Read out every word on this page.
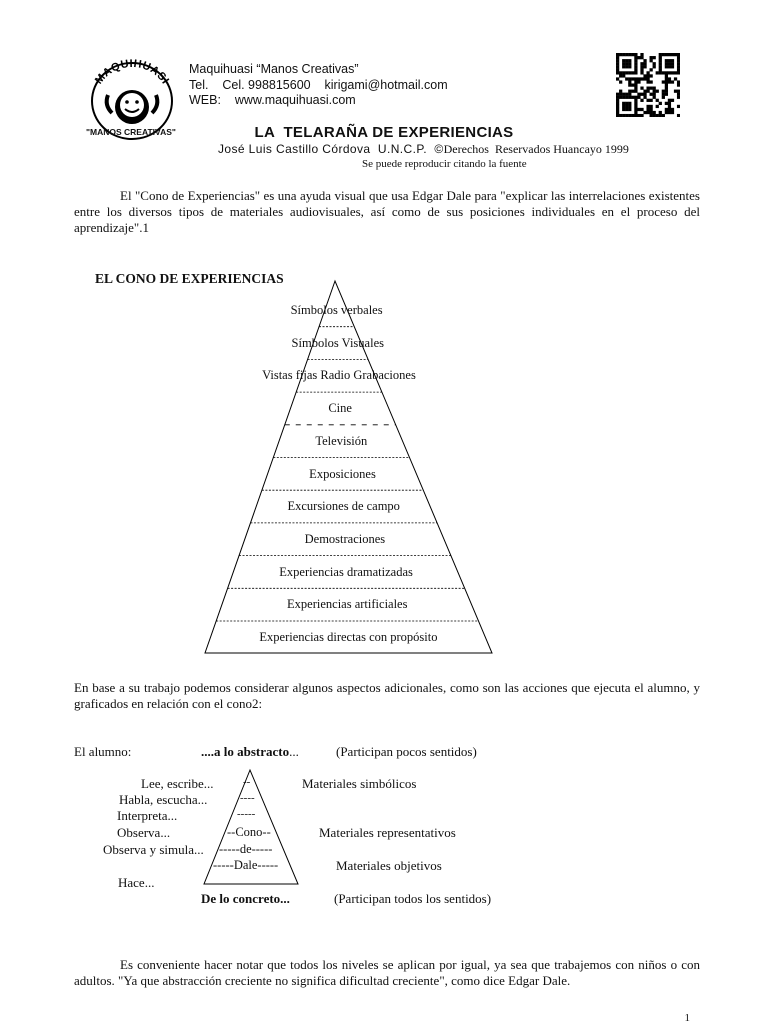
MAQUIHUASI
"MANOS CREATIVAS"
Maquihuasi “Manos Creativas”
Tel.    Cel. 998815600    kirigami@hotmail.com
WEB:    www.maquihuasi.com
LA  TELARAÑA DE EXPERIENCIAS
José Luis Castillo Córdova  U.N.C.P.  ©Derechos  Reservados Huancayo 1999
Se puede reproducir citando la fuente
El "Cono de Experiencias" es una ayuda visual que usa Edgar Dale para "explicar las interrelaciones existentes entre los diversos tipos de materiales audiovisuales, así como de sus posiciones individuales en el proceso del aprendizaje".1
EL CONO DE EXPERIENCIAS
Símbolos verbales
Símbolos Visuales
Vistas fijas Radio Grabaciones
Cine
Televisión
Exposiciones
Excursiones de campo
Demostraciones
Experiencias dramatizadas
Experiencias artificiales
Experiencias directas con propósito
En base a su trabajo podemos considerar algunos aspectos adicionales, como son las acciones que ejecuta el alumno, y graficados en relación con el cono2:
El alumno:	....a lo abstracto...	(Participan pocos sentidos)
Lee, escribe...
Habla, escucha...
Interpreta...
Observa...
Observa y simula...
Hace...
--
----
-----
--Cono--
-----de-----
-----Dale-----
Materiales simbólicos
Materiales representativos
Materiales objetivos
De lo concreto...	(Participan todos los sentidos)
Es conveniente hacer notar que todos los niveles se aplican por igual, ya sea que trabajemos con niños o con adultos. "Ya que abstracción creciente no significa dificultad creciente", como dice Edgar Dale.
1
